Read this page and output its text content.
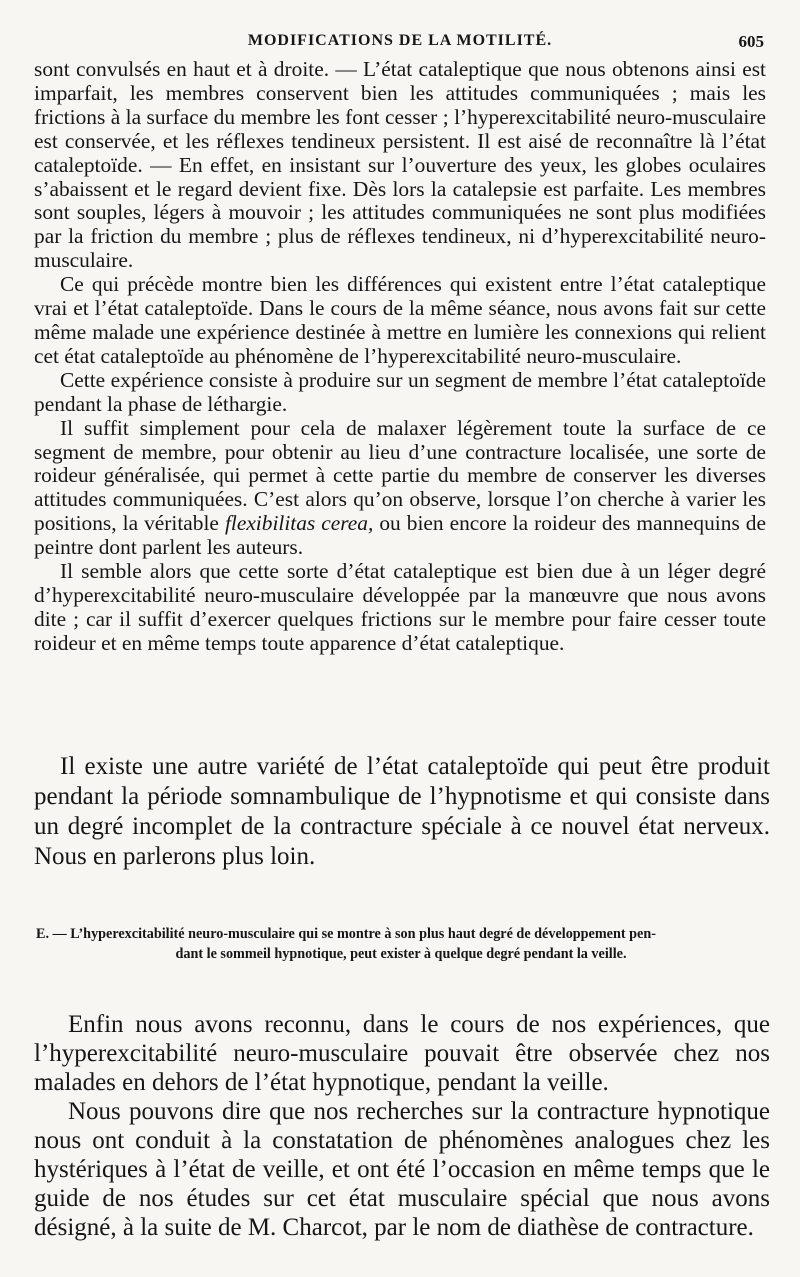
MODIFICATIONS DE LA MOTILITÉ.	605

sont convulsés en haut et à droite. — L’état cataleptique que nous obtenons ainsi est imparfait, les membres conservent bien les attitudes communiquées ; mais les frictions à la surface du membre les font cesser ; l’hyperexcitabilité neuro-musculaire est conservée, et les réflexes tendineux persistent. Il est aisé de reconnaître là l’état cataleptoïde. — En effet, en insistant sur l’ouverture des yeux, les globes oculaires s’abaissent et le regard devient fixe. Dès lors la catalepsie est parfaite. Les membres sont souples, légers à mouvoir ; les attitudes communiquées ne sont plus modifiées par la friction du membre ; plus de réflexes tendineux, ni d’hyperexcitabilité neuro-musculaire.

Ce qui précède montre bien les différences qui existent entre l’état cataleptique vrai et l’état cataleptoïde. Dans le cours de la même séance, nous avons fait sur cette même malade une expérience destinée à mettre en lumière les connexions qui relient cet état cataleptoïde au phénomène de l’hyperexcitabilité neuro-musculaire.

Cette expérience consiste à produire sur un segment de membre l’état cataleptoïde pendant la phase de léthargie.

Il suffit simplement pour cela de malaxer légèrement toute la surface de ce segment de membre, pour obtenir au lieu d’une contracture localisée, une sorte de roideur généralisée, qui permet à cette partie du membre de conserver les diverses attitudes communiquées. C’est alors qu’on observe, lorsque l’on cherche à varier les positions, la véritable flexibilitas cerea, ou bien encore la roideur des mannequins de peintre dont parlent les auteurs.

Il semble alors que cette sorte d’état cataleptique est bien due à un léger degré d’hyperexcitabilité neuro-musculaire développée par la manœuvre que nous avons dite ; car il suffit d’exercer quelques frictions sur le membre pour faire cesser toute roideur et en même temps toute apparence d’état cataleptique.

Il existe une autre variété de l’état cataleptoïde qui peut être produit pendant la période somnambulique de l’hypnotisme et qui consiste dans un degré incomplet de la contracture spéciale à ce nouvel état nerveux. Nous en parlerons plus loin.

E. — L’hyperexcitabilité neuro-musculaire qui se montre à son plus haut degré de développement pen-
dant le sommeil hypnotique, peut exister à quelque degré pendant la veille.

Enfin nous avons reconnu, dans le cours de nos expériences, que l’hyperexcitabilité neuro-musculaire pouvait être observée chez nos malades en dehors de l’état hypnotique, pendant la veille.

Nous pouvons dire que nos recherches sur la contracture hypnotique nous ont conduit à la constatation de phénomènes analogues chez les hystériques à l’état de veille, et ont été l’occasion en même temps que le guide de nos études sur cet état musculaire spécial que nous avons désigné, à la suite de M. Charcot, par le nom de diathèse de contracture.
